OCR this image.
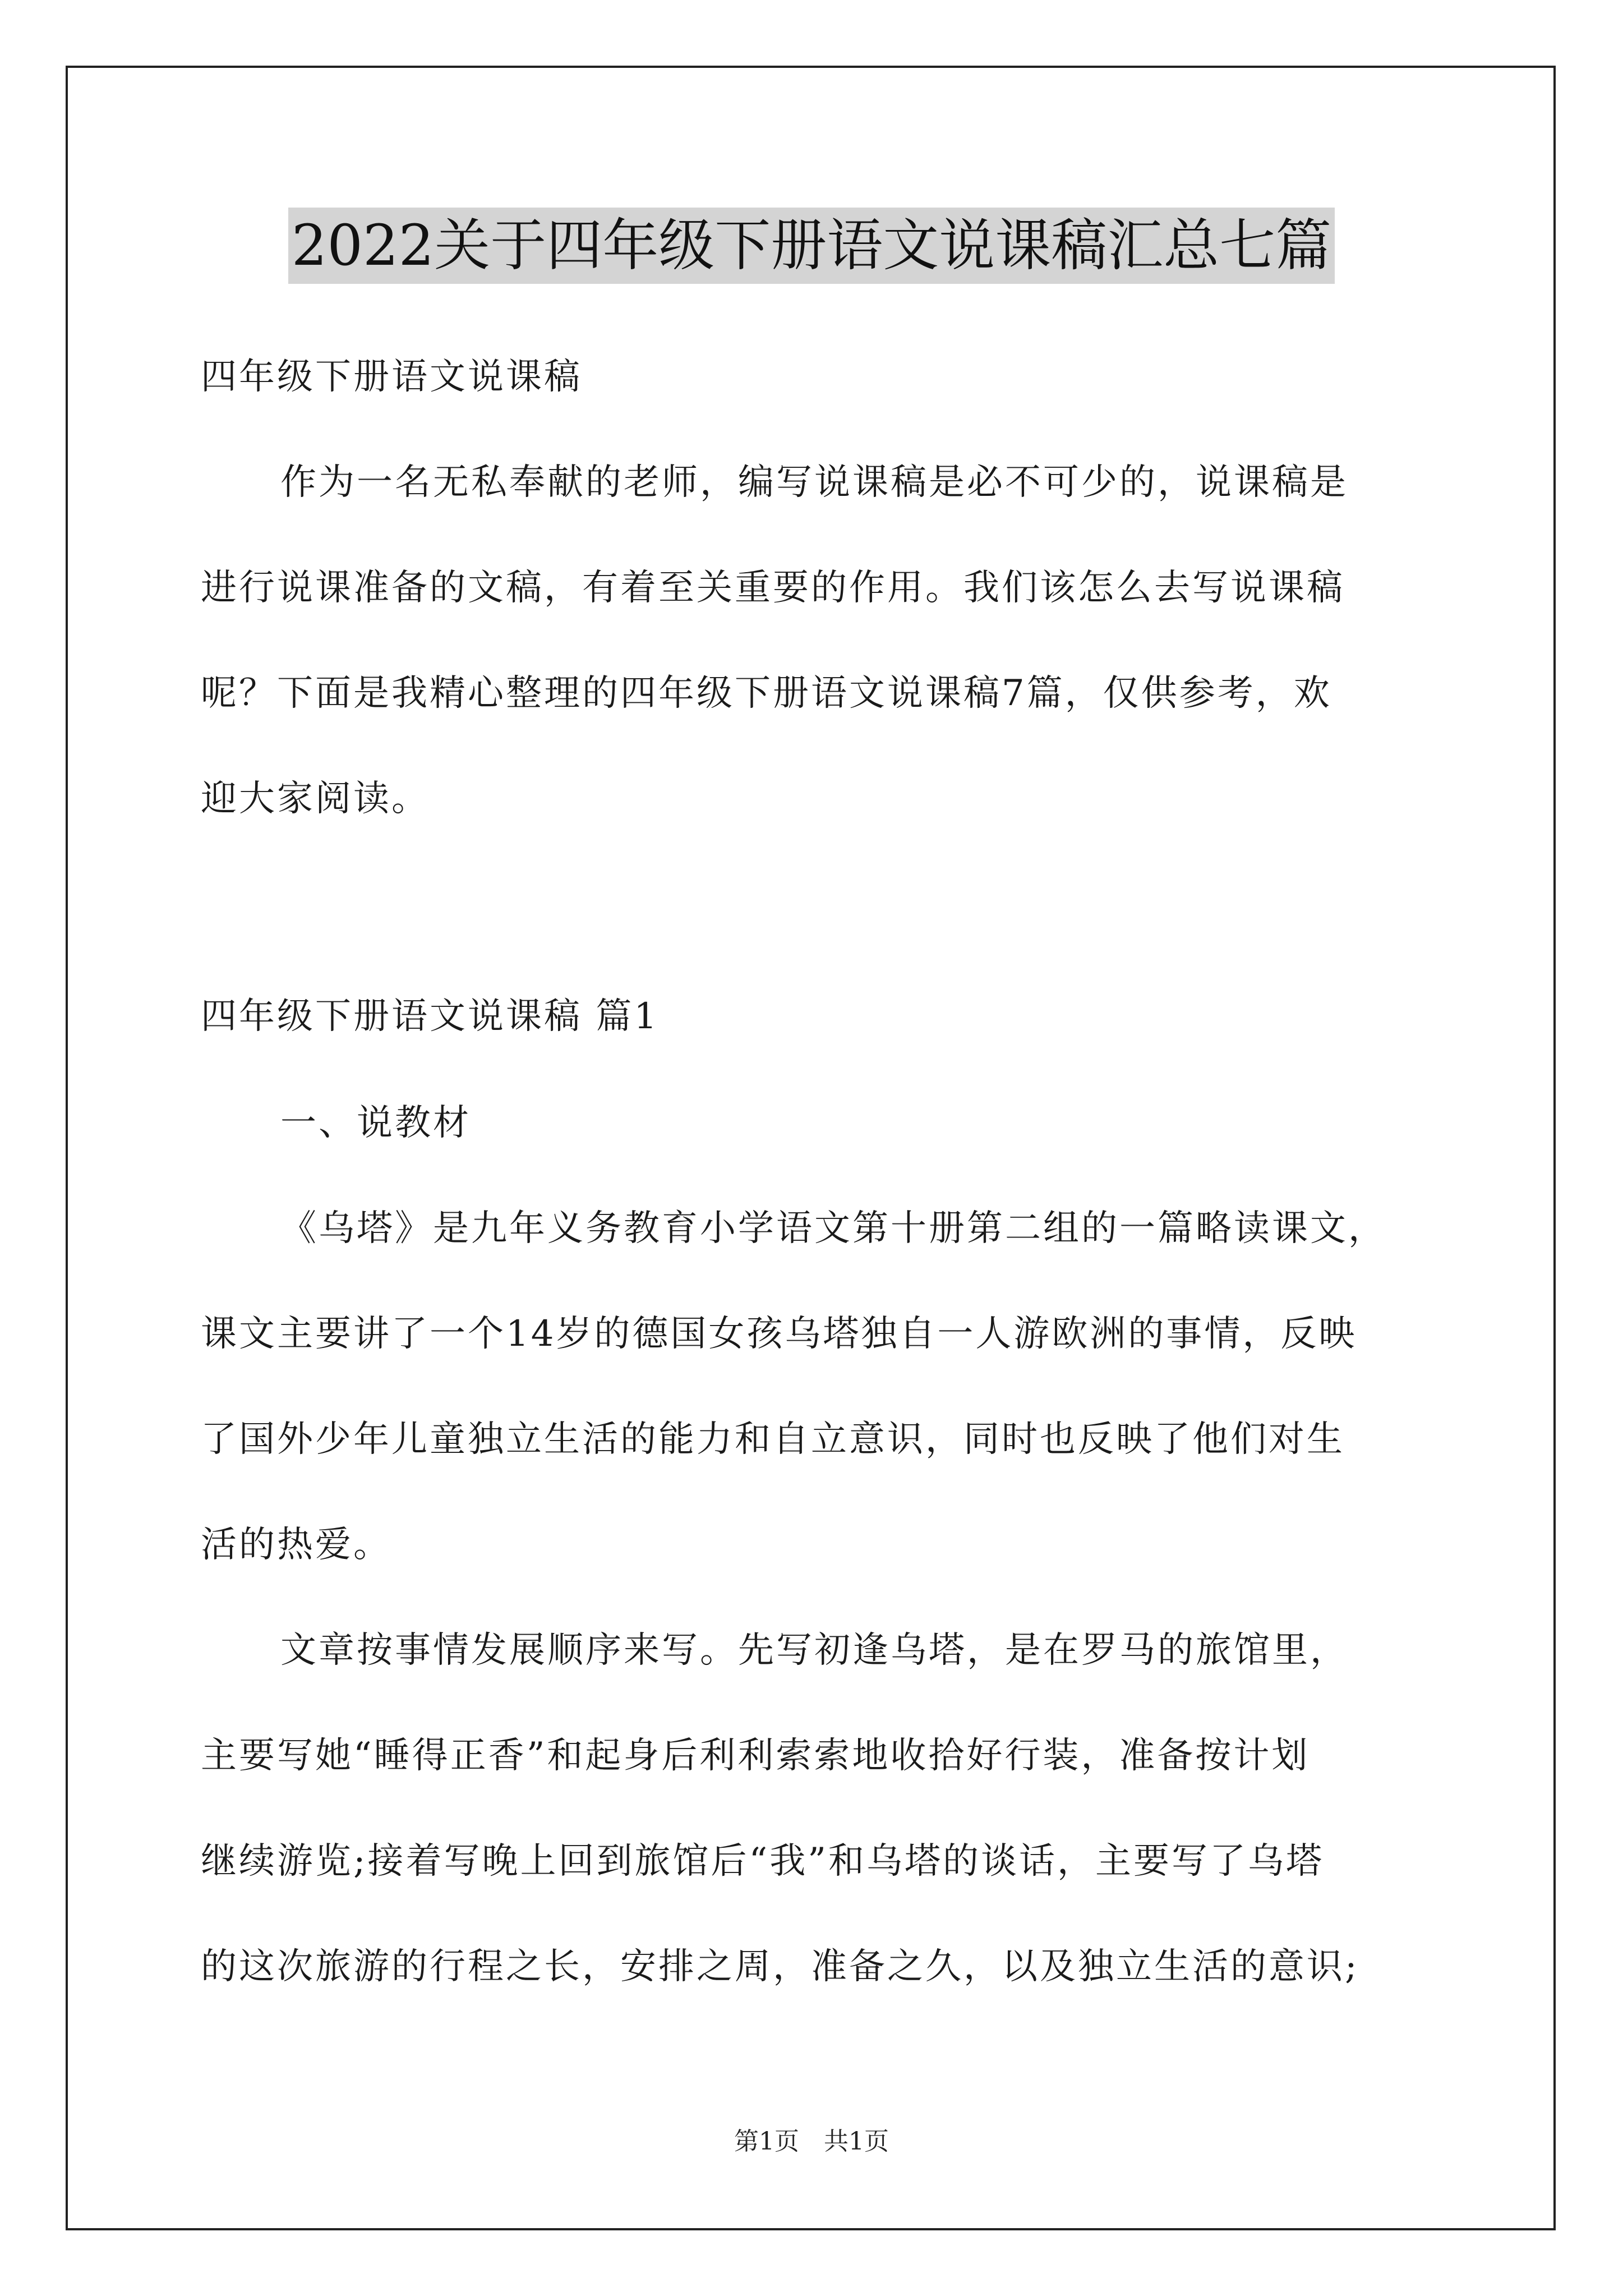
2022关于四年级下册语文说课稿汇总七篇
四年级下册语文说课稿
作为一名无私奉献的老师，编写说课稿是必不可少的，说课稿是
进行说课准备的文稿，有着至关重要的作用。我们该怎么去写说课稿
呢？下面是我精心整理的四年级下册语文说课稿7篇，仅供参考，欢
迎大家阅读。
四年级下册语文说课稿 篇1
一、说教材
《乌塔》是九年义务教育小学语文第十册第二组的一篇略读课文，
课文主要讲了一个14岁的德国女孩乌塔独自一人游欧洲的事情，反映
了国外少年儿童独立生活的能力和自立意识，同时也反映了他们对生
活的热爱。
文章按事情发展顺序来写。先写初逢乌塔，是在罗马的旅馆里，
主要写她“睡得正香”和起身后利利索索地收拾好行装，准备按计划
继续游览;接着写晚上回到旅馆后“我”和乌塔的谈话，主要写了乌塔
的这次旅游的行程之长，安排之周，准备之久，以及独立生活的意识;
第1页　共1页
